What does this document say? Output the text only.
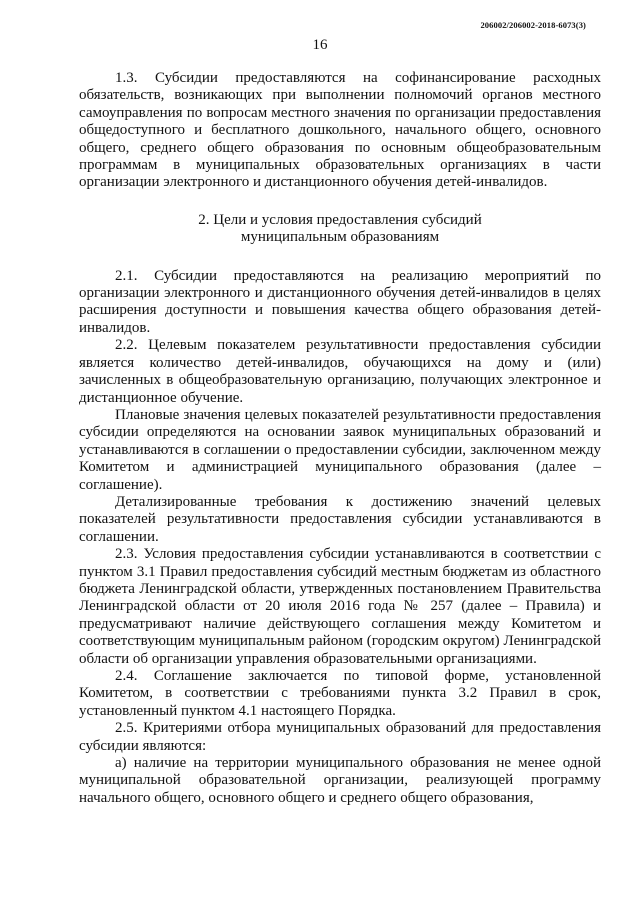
206002/206002-2018-6073(3)
16

1.3. Субсидии предоставляются на софинансирование расходных обязательств, возникающих при выполнении полномочий органов местного самоуправления по вопросам местного значения по организации предоставления общедоступного и бесплатного дошкольного, начального общего, основного общего, среднего общего образования по основным общеобразовательным программам в муниципальных образовательных организациях в части организации электронного и дистанционного обучения детей-инвалидов.

2. Цели и условия предоставления субсидий

муниципальным образованиям

2.1. Субсидии предоставляются на реализацию мероприятий по организации электронного и дистанционного обучения детей-инвалидов в целях расширения доступности и повышения качества общего образования детей-инвалидов.

2.2. Целевым показателем результативности предоставления субсидии является количество детей-инвалидов, обучающихся на дому и (или) зачисленных в общеобразовательную организацию, получающих электронное и дистанционное обучение.

Плановые значения целевых показателей результативности предоставления субсидии определяются на основании заявок муниципальных образований и устанавливаются в соглашении о предоставлении субсидии, заключенном между Комитетом и администрацией муниципального образования (далее – соглашение).

Детализированные требования к достижению значений целевых показателей результативности предоставления субсидии устанавливаются в соглашении.

2.3. Условия предоставления субсидии устанавливаются в соответствии с пунктом 3.1 Правил предоставления субсидий местным бюджетам из областного бюджета Ленинградской области, утвержденных постановлением Правительства Ленинградской области от 20 июля 2016 года № 257 (далее – Правила) и предусматривают наличие действующего соглашения между Комитетом и соответствующим муниципальным районом (городским округом) Ленинградской области об организации управления образовательными организациями.

2.4. Соглашение заключается по типовой форме, установленной Комитетом, в соответствии с требованиями пункта 3.2 Правил в срок, установленный пунктом 4.1 настоящего Порядка.

2.5. Критериями отбора муниципальных образований для предоставления субсидии являются:

а) наличие на территории муниципального образования не менее одной муниципальной образовательной организации, реализующей программу начального общего, основного общего и среднего общего образования,
